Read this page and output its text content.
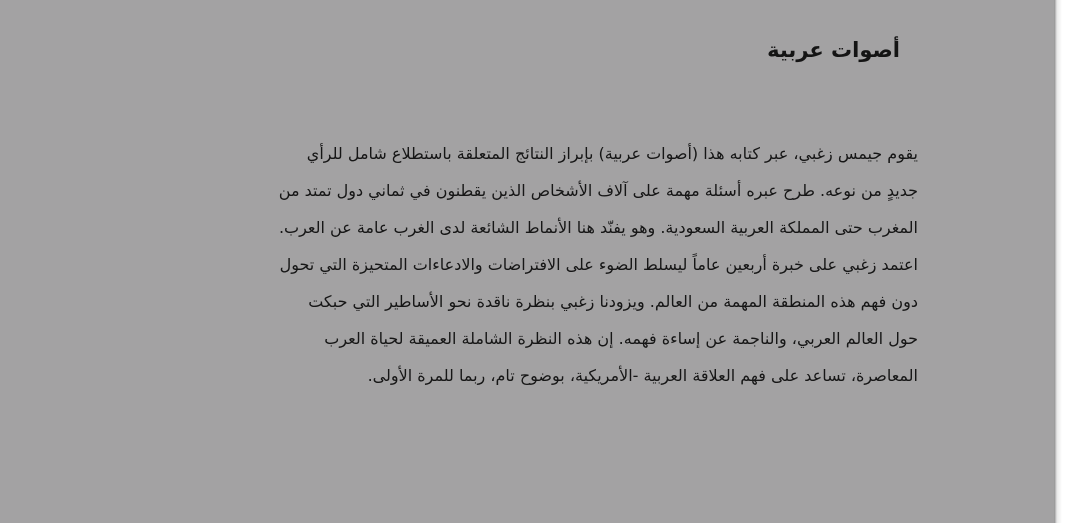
أصوات عربية

يقوم جيمس زغبي، عبر كتابه هذا (أصوات عربية) بإبراز النتائج المتعلقة باستطلاع شامل للرأي
جديدٍ من نوعه. طرح عبره أسئلة مهمة على آلاف الأشخاص الذين يقطنون في ثماني دول تمتد من
المغرب حتى المملكة العربية السعودية. وهو يفنّد هنا الأنماط الشائعة لدى الغرب عامة عن العرب.
اعتمد زغبي على خبرة أربعين عاماً ليسلط الضوء على الافتراضات والادعاءات المتحيزة التي تحول
دون فهم هذه المنطقة المهمة من العالم. ويزودنا زغبي بنظرة ناقدة نحو الأساطير التي حبكت
حول العالم العربي، والناجمة عن إساءة فهمه. إن هذه النظرة الشاملة العميقة لحياة العرب
المعاصرة، تساعد على فهم العلاقة العربية -الأمريكية، بوضوح تام، ربما للمرة الأولى.
